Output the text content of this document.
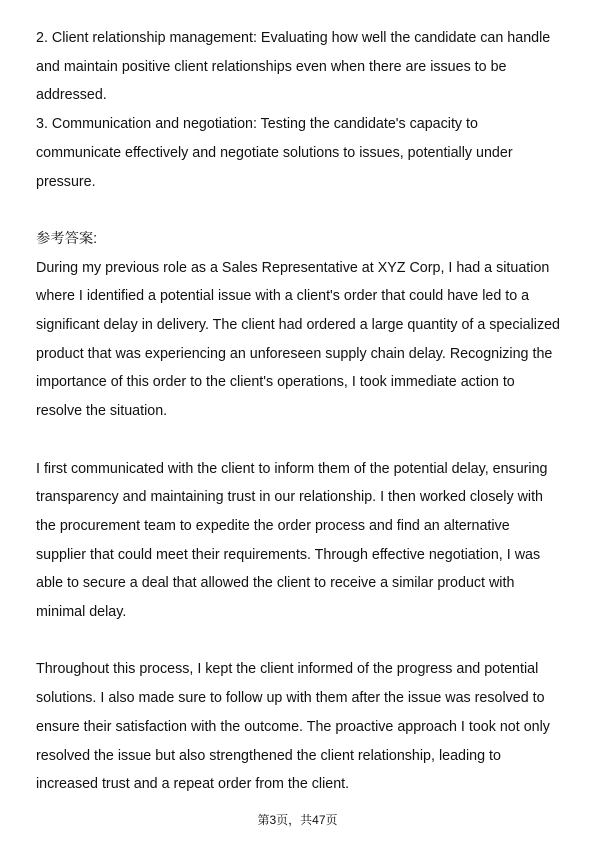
2. Client relationship management: Evaluating how well the candidate can handle and maintain positive client relationships even when there are issues to be addressed.

3. Communication and negotiation: Testing the candidate's capacity to communicate effectively and negotiate solutions to issues, potentially under pressure.

参考答案:

During my previous role as a Sales Representative at XYZ Corp, I had a situation where I identified a potential issue with a client's order that could have led to a significant delay in delivery. The client had ordered a large quantity of a specialized product that was experiencing an unforeseen supply chain delay. Recognizing the importance of this order to the client's operations, I took immediate action to resolve the situation.

I first communicated with the client to inform them of the potential delay, ensuring transparency and maintaining trust in our relationship. I then worked closely with the procurement team to expedite the order process and find an alternative supplier that could meet their requirements. Through effective negotiation, I was able to secure a deal that allowed the client to receive a similar product with minimal delay.

Throughout this process, I kept the client informed of the progress and potential solutions. I also made sure to follow up with them after the issue was resolved to ensure their satisfaction with the outcome. The proactive approach I took not only resolved the issue but also strengthened the client relationship, leading to increased trust and a repeat order from the client.

第3页，共47页
